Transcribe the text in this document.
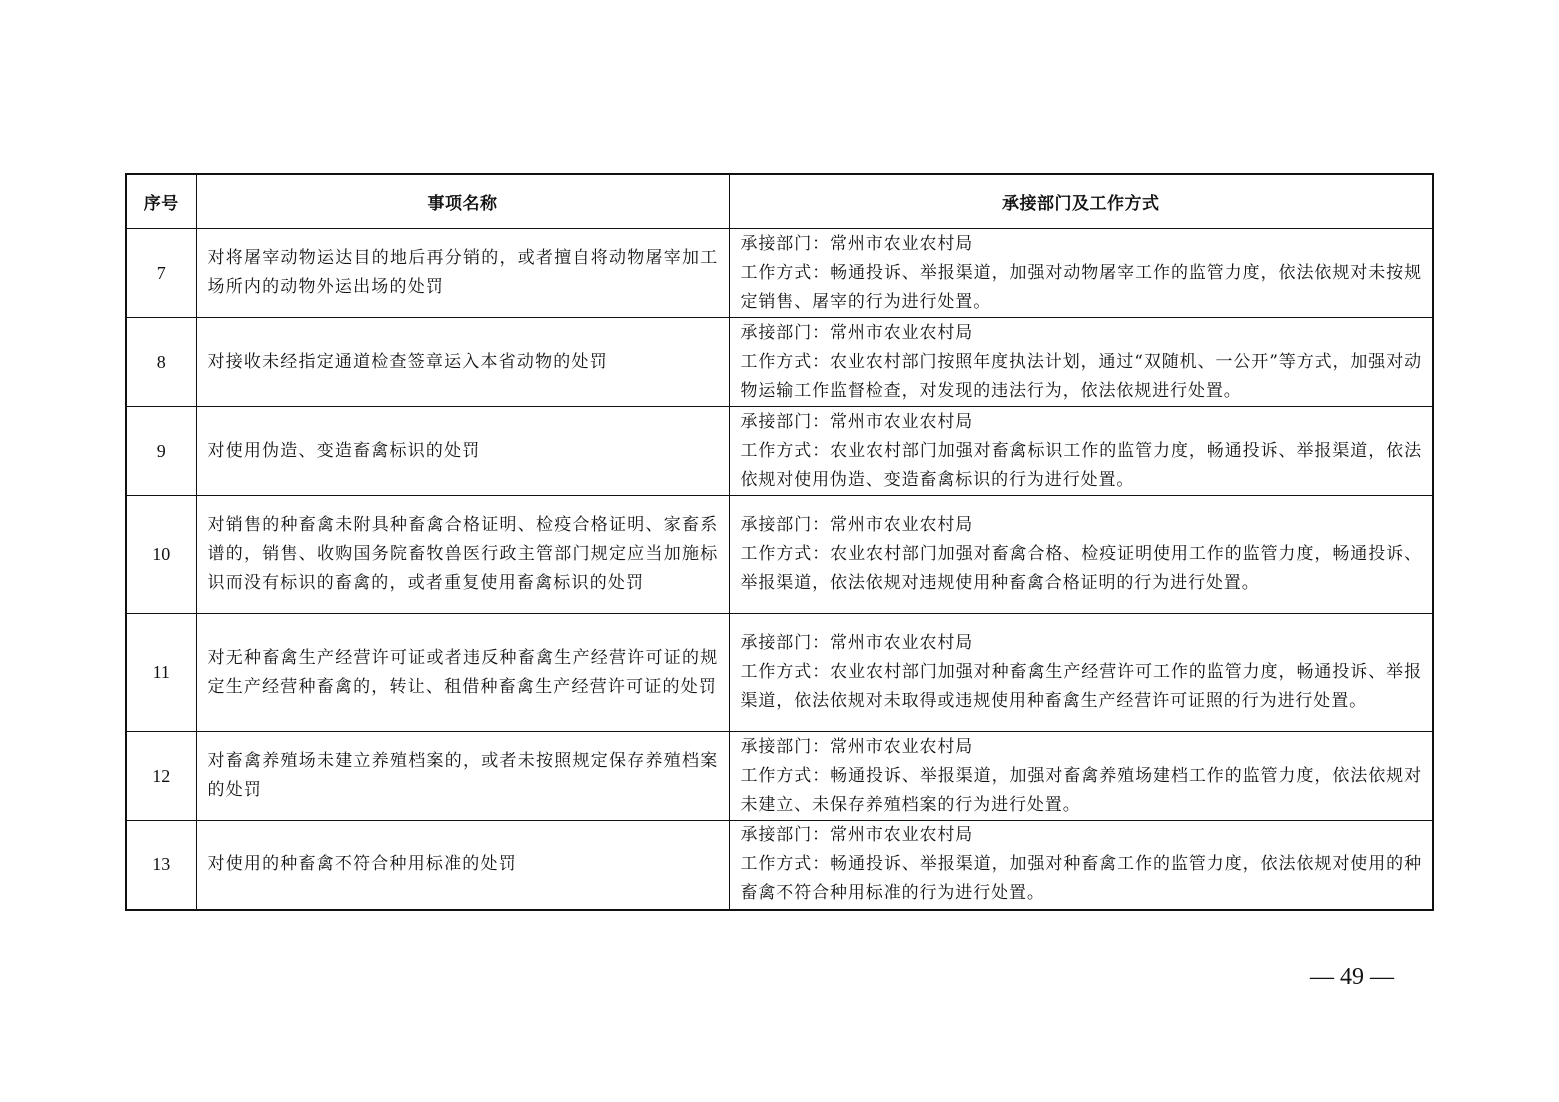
序号	事项名称	承接部门及工作方式
7	对将屠宰动物运达目的地后再分销的，或者擅自将动物屠宰加工场所内的动物外运出场的处罚	承接部门：常州市农业农村局
工作方式：畅通投诉、举报渠道，加强对动物屠宰工作的监管力度，依法依规对未按规定销售、屠宰的行为进行处置。

8	对接收未经指定通道检查签章运入本省动物的处罚	承接部门：常州市农业农村局
工作方式：农业农村部门按照年度执法计划，通过“双随机、一公开”等方式，加强对动物运输工作监督检查，对发现的违法行为，依法依规进行处置。

9	对使用伪造、变造畜禽标识的处罚	承接部门：常州市农业农村局
工作方式：农业农村部门加强对畜禽标识工作的监管力度，畅通投诉、举报渠道，依法依规对使用伪造、变造畜禽标识的行为进行处置。

10	对销售的种畜禽未附具种畜禽合格证明、检疫合格证明、家畜系谱的，销售、收购国务院畜牧兽医行政主管部门规定应当加施标识而没有标识的畜禽的，或者重复使用畜禽标识的处罚	承接部门：常州市农业农村局
工作方式：农业农村部门加强对畜禽合格、检疫证明使用工作的监管力度，畅通投诉、举报渠道，依法依规对违规使用种畜禽合格证明的行为进行处置。

11	对无种畜禽生产经营许可证或者违反种畜禽生产经营许可证的规定生产经营种畜禽的，转让、租借种畜禽生产经营许可证的处罚	承接部门：常州市农业农村局
工作方式：农业农村部门加强对种畜禽生产经营许可工作的监管力度，畅通投诉、举报渠道，依法依规对未取得或违规使用种畜禽生产经营许可证照的行为进行处置。

12	对畜禽养殖场未建立养殖档案的，或者未按照规定保存养殖档案的处罚	承接部门：常州市农业农村局
工作方式：畅通投诉、举报渠道，加强对畜禽养殖场建档工作的监管力度，依法依规对未建立、未保存养殖档案的行为进行处置。

13	对使用的种畜禽不符合种用标准的处罚	承接部门：常州市农业农村局
工作方式：畅通投诉、举报渠道，加强对种畜禽工作的监管力度，依法依规对使用的种畜禽不符合种用标准的行为进行处置。
— 49 —
